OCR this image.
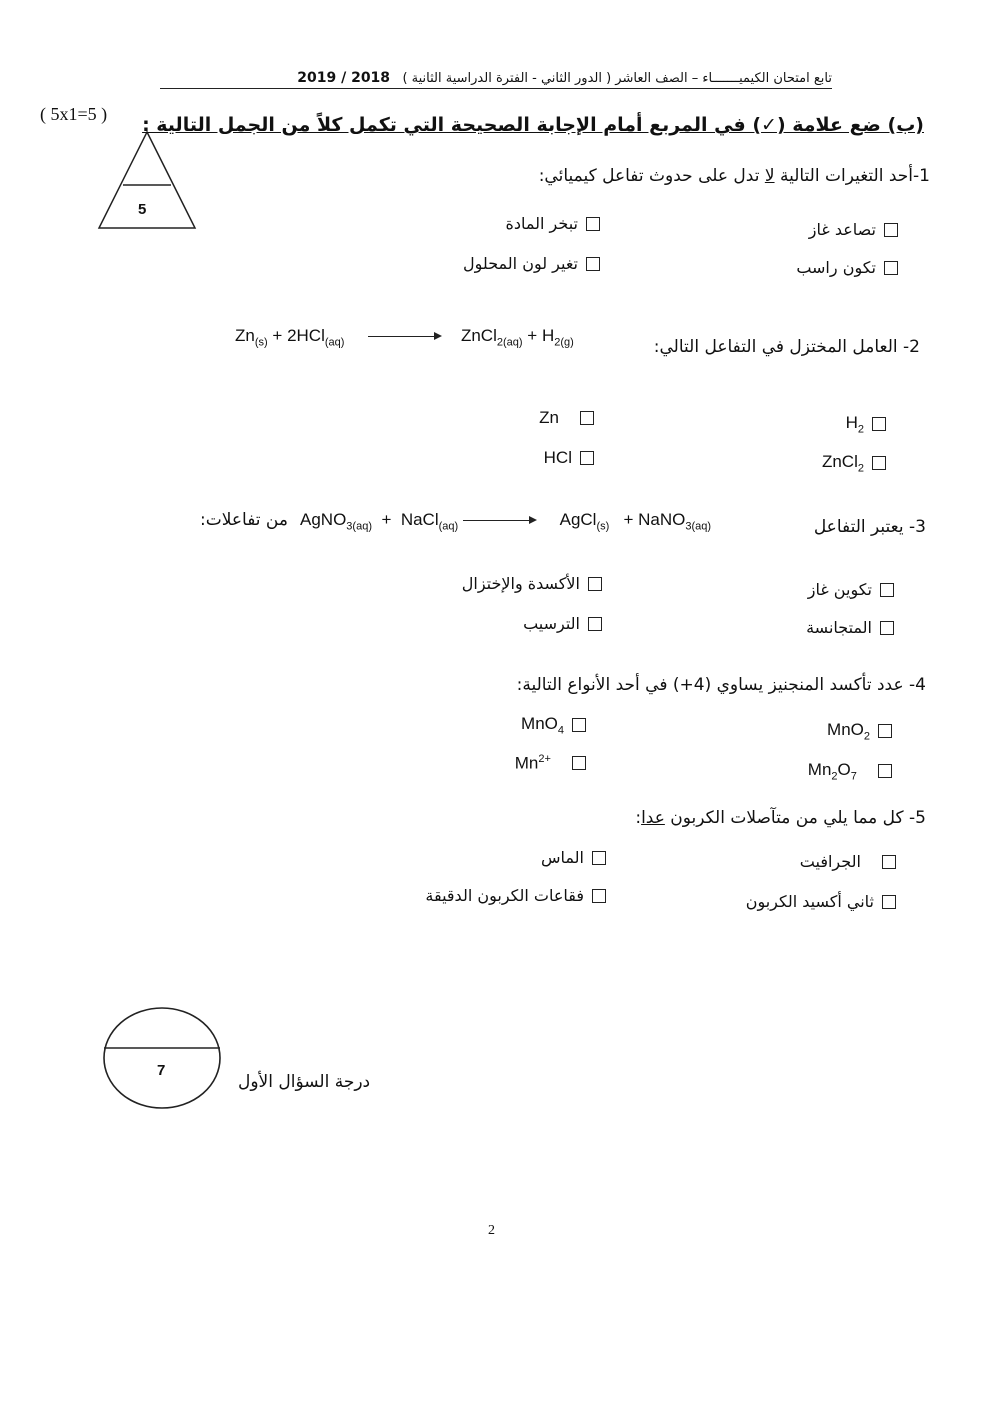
تابع امتحان الكيميـــــــاء – الصف العاشر ( الدور الثاني - الفترة الدراسية الثانية )   2019 / 2018
( 5x1=5 )
5
(ب) ضع علامة (✓) في المربع أمام الإجابة الصحيحة التي تكمل كلاً من الجمل التالية :
1-أحد التغيرات التالية لا تدل على حدوث تفاعل كيميائي:
تصاعد غاز
تبخر المادة
تكون راسب
تغير لون المحلول
2- العامل المختزل في التفاعل التالي:
$Zn_{(s)} + 2HCl_{(aq)}$	ZnCl$_{2(aq)}$ + $H_{2(g)}$
$H_2$

Zn
ZnCl$_2$
HCl
3- يعتبر التفاعل
من تفاعلات: AgNO$_{3(aq)}$ + NaCl$_{(aq)}$	AgCl$_{(s)}$ + NaNO$_{3(aq)}$
تكوين غاز
الأكسدة والإختزال
المتجانسة
الترسيب
4- عدد تأكسد المنجنيز يساوي (4+) في أحد الأنواع التالية:
MnO$_2$
MnO$_4$

$Mn_2O_7$

$Mn^{2+}$
5- كل مما يلي من متآصلات الكربون عدا:

الجرافيت
الماس
ثاني أكسيد الكربون
فقاعات الكربون الدقيقة
7
درجة السؤال الأول
2
